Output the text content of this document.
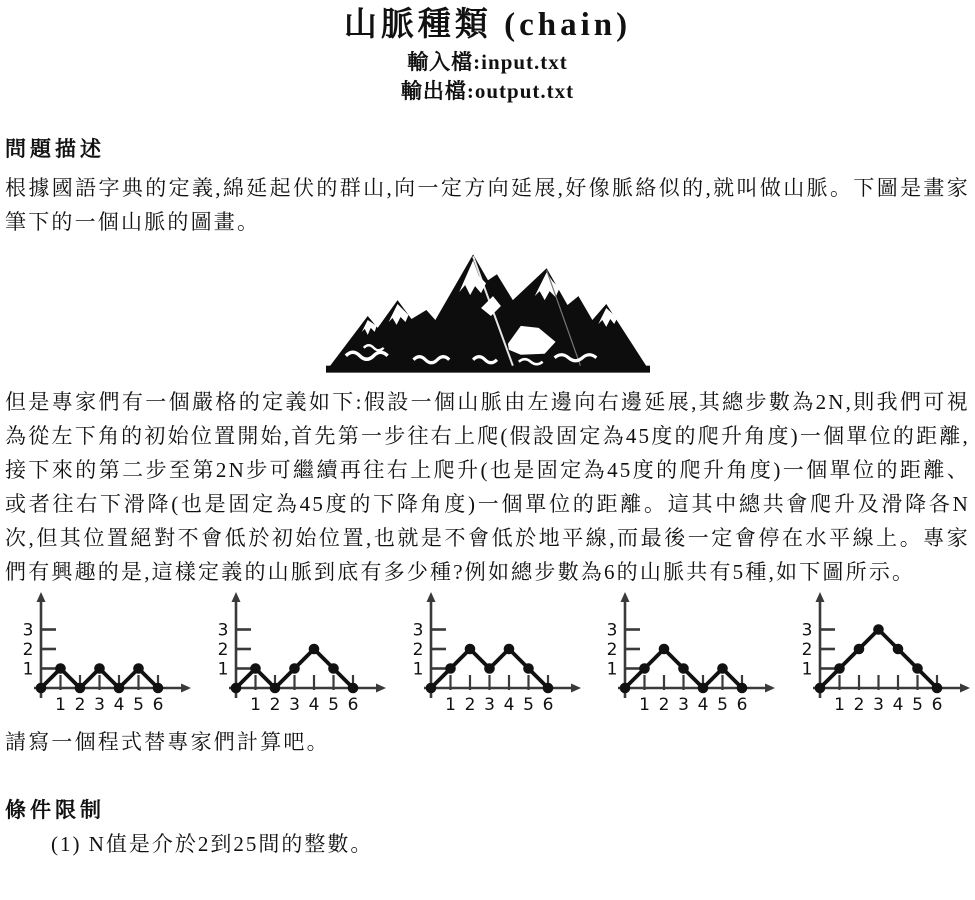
山脈種類 (chain)
輸入檔:input.txt
輸出檔:output.txt
問題描述
根據國語字典的定義,綿延起伏的群山,向一定方向延展,好像脈絡似的,就叫做山脈。下圖是畫家筆下的一個山脈的圖畫。
但是專家們有一個嚴格的定義如下:假設一個山脈由左邊向右邊延展,其總步數為2N,則我們可視為從左下角的初始位置開始,首先第一步往右上爬(假設固定為45度的爬升角度)一個單位的距離,接下來的第二步至第2N步可繼續再往右上爬升(也是固定為45度的爬升角度)一個單位的距離、或者往右下滑降(也是固定為45度的下降角度)一個單位的距離。這其中總共會爬升及滑降各N次,但其位置絕對不會低於初始位置,也就是不會低於地平線,而最後一定會停在水平線上。專家們有興趣的是,這樣定義的山脈到底有多少種?例如總步數為6的山脈共有5種,如下圖所示。
1
2
3
1 2 3 4 5 6
1
2
3
1 2 3 4 5 6
1
2
3
1 2 3 4 5 6
1
2
3
1 2 3 4 5 6
1
2
3
1 2 3 4 5 6
請寫一個程式替專家們計算吧。
條件限制
(1) N值是介於2到25間的整數。
